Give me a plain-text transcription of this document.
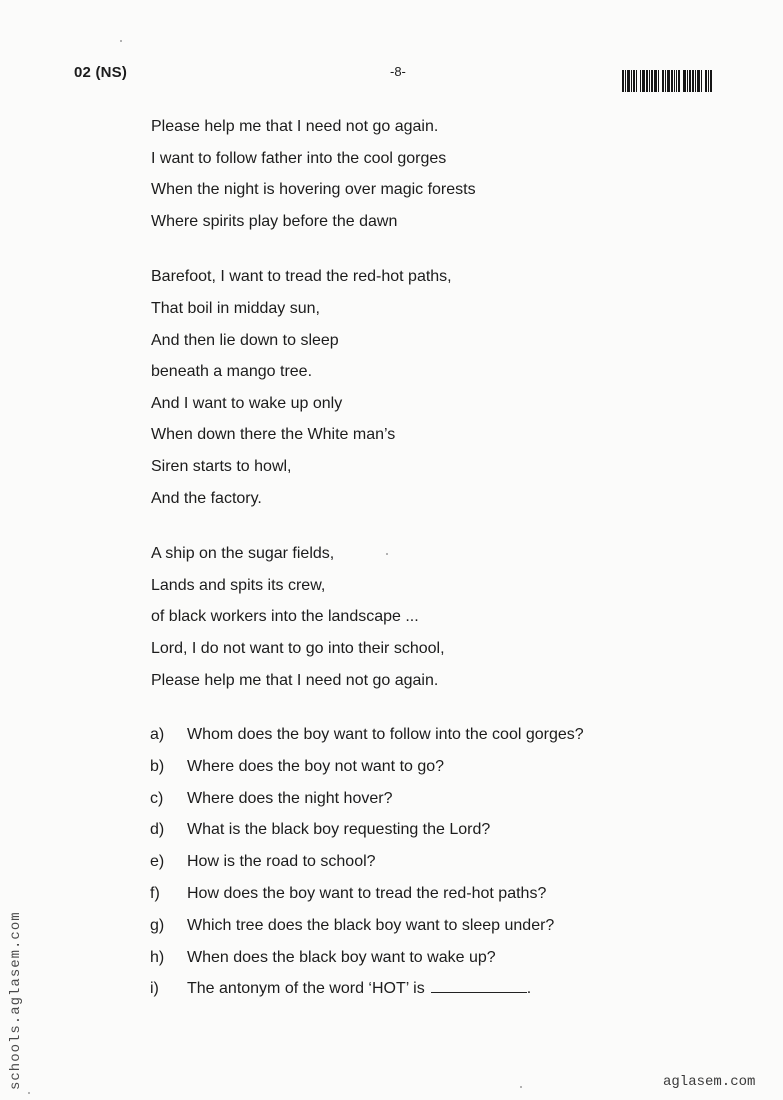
02 (NS)	-8-
Please help me that I need not go again.
I want to follow father into the cool gorges
When the night is hovering over magic forests
Where spirits play before the dawn
Barefoot, I want to tread the red-hot paths,
That boil in midday sun,
And then lie down to sleep
beneath a mango tree.
And I want to wake up only
When down there the White man’s
Siren starts to howl,
And the factory.
A ship on the sugar fields,
Lands and spits its crew,
of black workers into the landscape ...
Lord, I do not want to go into their school,
Please help me that I need not go again.
a)	Whom does the boy want to follow into the cool gorges?
b)	Where does the boy not want to go?
c)	Where does the night hover?
d)	What is the black boy requesting the Lord?
e)	How is the road to school?
f)	How does the boy want to tread the red-hot paths?
g)	Which tree does the black boy want to sleep under?
h)	When does the black boy want to wake up?
i)	The antonym of the word ‘HOT’ is	.
schools.aglasem.com	aglasem.com
